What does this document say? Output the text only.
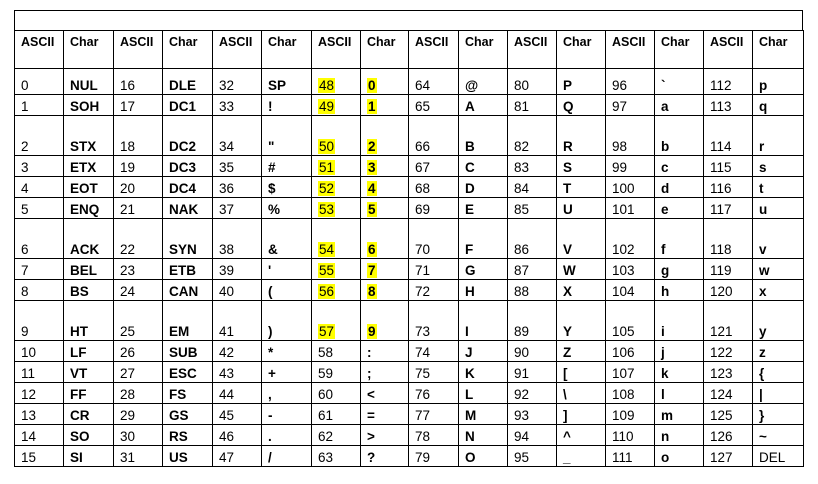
ASCII	Char	ASCII	Char	ASCII	Char	ASCII	Char	ASCII	Char	ASCII	Char	ASCII	Char	ASCII	Char
0	NUL	16	DLE	32	SP	48	0	64	@	80	P	96	`	112	p
1	SOH	17	DC1	33	!	49	1	65	A	81	Q	97	a	113	q
2	STX	18	DC2	34	"	50	2	66	B	82	R	98	b	114	r
3	ETX	19	DC3	35	#	51	3	67	C	83	S	99	c	115	s
4	EOT	20	DC4	36	$	52	4	68	D	84	T	100	d	116	t
5	ENQ	21	NAK	37	%	53	5	69	E	85	U	101	e	117	u
6	ACK	22	SYN	38	&	54	6	70	F	86	V	102	f	118	v
7	BEL	23	ETB	39	'	55	7	71	G	87	W	103	g	119	w
8	BS	24	CAN	40	(	56	8	72	H	88	X	104	h	120	x
9	HT	25	EM	41	)	57	9	73	I	89	Y	105	i	121	y
10	LF	26	SUB	42	*	58	:	74	J	90	Z	106	j	122	z
11	VT	27	ESC	43	+	59	;	75	K	91	[	107	k	123	{
12	FF	28	FS	44	,	60	<	76	L	92	\	108	l	124	|
13	CR	29	GS	45	-	61	=	77	M	93	]	109	m	125	}
14	SO	30	RS	46	.	62	>	78	N	94	^	110	n	126	~
15	SI	31	US	47	/	63	?	79	O	95	_	111	o	127	DEL
